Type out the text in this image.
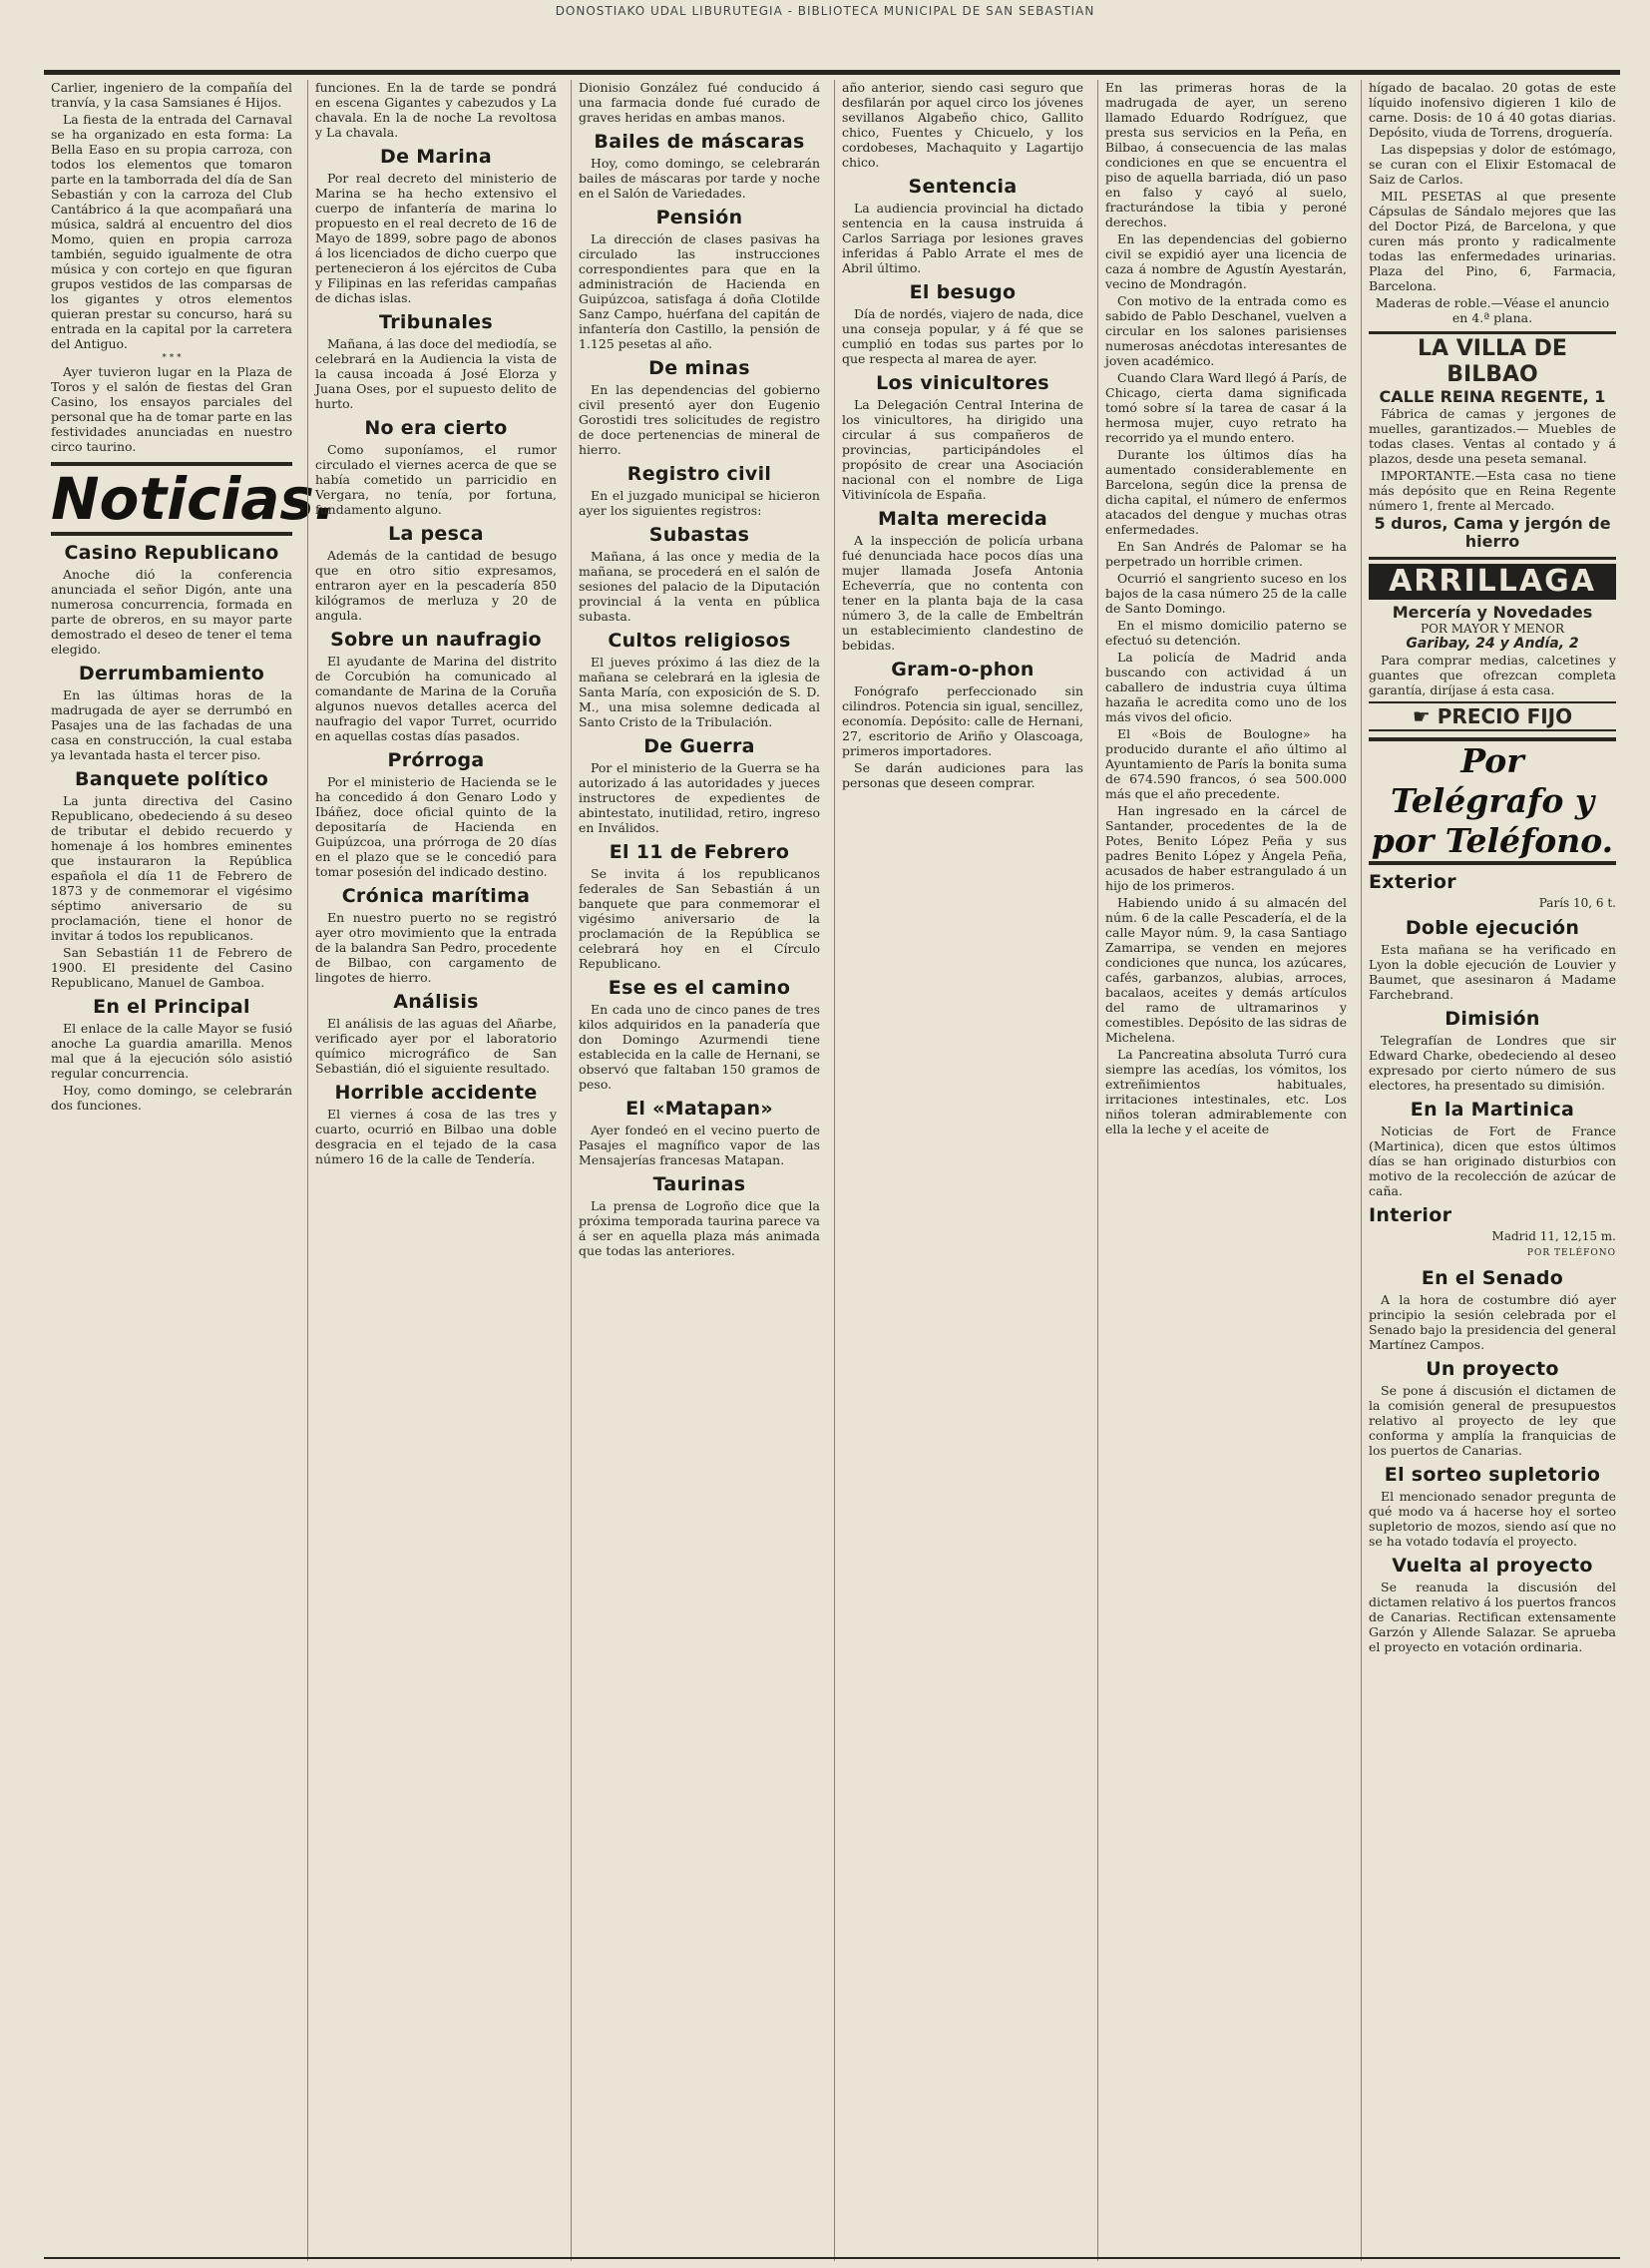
DONOSTIAKO UDAL LIBURUTEGIA - BIBLIOTECA MUNICIPAL DE SAN SEBASTIAN

Carlier, ingeniero de la compañía del tranvía, y la casa Samsianes é Hijos.

La fiesta de la entrada del Carnaval se ha organizado en esta forma: La Bella Easo en su propia carroza, con todos los elementos que tomaron parte en la tamborrada del día de San Sebastián y con la carroza del Club Cantábrico á la que acompañará una música, saldrá al encuentro del dios Momo, quien en propia carroza también, seguido igualmente de otra música y con cortejo en que figuran grupos vestidos de las comparsas de los gigantes y otros elementos quieran prestar su concurso, hará su entrada en la capital por la carretera del Antiguo.

* * *

Ayer tuvieron lugar en la Plaza de Toros y el salón de fiestas del Gran Casino, los ensayos parciales del personal que ha de tomar parte en las festividades anunciadas en nuestro circo taurino.

Noticias.
Casino Republicano

Anoche dió la conferencia anunciada el señor Digón, ante una numerosa concurrencia, formada en parte de obreros, en su mayor parte demostrado el deseo de tener el tema elegido.

Derrumbamiento

En las últimas horas de la madrugada de ayer se derrumbó en Pasajes una de las fachadas de una casa en construcción, la cual estaba ya levantada hasta el tercer piso.

Banquete político

La junta directiva del Casino Republicano, obedeciendo á su deseo de tributar el debido recuerdo y homenaje á los hombres eminentes que instauraron la República española el día 11 de Febrero de 1873 y de conmemorar el vigésimo séptimo aniversario de su proclamación, tiene el honor de invitar á todos los republicanos.

San Sebastián 11 de Febrero de 1900. El presidente del Casino Republicano, Manuel de Gamboa.

En el Principal

El enlace de la calle Mayor se fusió anoche La guardia amarilla. Menos mal que á la ejecución sólo asistió regular concurrencia.

Hoy, como domingo, se celebrarán dos funciones.

funciones. En la de tarde se pondrá en escena Gigantes y cabezudos y La chavala. En la de noche La revoltosa y La chavala.

De Marina

Por real decreto del ministerio de Marina se ha hecho extensivo el cuerpo de infantería de marina lo propuesto en el real decreto de 16 de Mayo de 1899, sobre pago de abonos á los licenciados de dicho cuerpo que pertenecieron á los ejércitos de Cuba y Filipinas en las referidas campañas de dichas islas.

Tribunales

Mañana, á las doce del mediodía, se celebrará en la Audiencia la vista de la causa incoada á José Elorza y Juana Oses, por el supuesto delito de hurto.

No era cierto

Como suponíamos, el rumor circulado el viernes acerca de que se había cometido un parricidio en Vergara, no tenía, por fortuna, fundamento alguno.

La pesca

Además de la cantidad de besugo que en otro sitio expresamos, entraron ayer en la pescadería 850 kilógramos de merluza y 20 de angula.

Sobre un naufragio

El ayudante de Marina del distrito de Corcubión ha comunicado al comandante de Marina de la Coruña algunos nuevos detalles acerca del naufragio del vapor Turret, ocurrido en aquellas costas días pasados.

Prórroga

Por el ministerio de Hacienda se le ha concedido á don Genaro Lodo y Ibáñez, doce oficial quinto de la depositaría de Hacienda en Guipúzcoa, una prórroga de 20 días en el plazo que se le concedió para tomar posesión del indicado destino.

Crónica marítima

En nuestro puerto no se registró ayer otro movimiento que la entrada de la balandra San Pedro, procedente de Bilbao, con cargamento de lingotes de hierro.

Análisis

El análisis de las aguas del Añarbe, verificado ayer por el laboratorio químico micrográfico de San Sebastián, dió el siguiente resultado.

Horrible accidente

El viernes á cosa de las tres y cuarto, ocurrió en Bilbao una doble desgracia en el tejado de la casa número 16 de la calle de Tendería.

Dionisio González fué conducido á una farmacia donde fué curado de graves heridas en ambas manos.

Bailes de máscaras

Hoy, como domingo, se celebrarán bailes de máscaras por tarde y noche en el Salón de Variedades.

Pensión

La dirección de clases pasivas ha circulado las instrucciones correspondientes para que en la administración de Hacienda en Guipúzcoa, satisfaga á doña Clotilde Sanz Campo, huérfana del capitán de infantería don Castillo, la pensión de 1.125 pesetas al año.

De minas

En las dependencias del gobierno civil presentó ayer don Eugenio Gorostidi tres solicitudes de registro de doce pertenencias de mineral de hierro.

Registro civil

En el juzgado municipal se hicieron ayer los siguientes registros:

Subastas

Mañana, á las once y media de la mañana, se procederá en el salón de sesiones del palacio de la Diputación provincial á la venta en pública subasta.

Cultos religiosos

El jueves próximo á las diez de la mañana se celebrará en la iglesia de Santa María, con exposición de S. D. M., una misa solemne dedicada al Santo Cristo de la Tribulación.

De Guerra

Por el ministerio de la Guerra se ha autorizado á las autoridades y jueces instructores de expedientes de abintestato, inutilidad, retiro, ingreso en Inválidos.

El 11 de Febrero

Se invita á los republicanos federales de San Sebastián á un banquete que para conmemorar el vigésimo aniversario de la proclamación de la República se celebrará hoy en el Círculo Republicano.

Ese es el camino

En cada uno de cinco panes de tres kilos adquiridos en la panadería que don Domingo Azurmendi tiene establecida en la calle de Hernani, se observó que faltaban 150 gramos de peso.

El «Matapan»

Ayer fondeó en el vecino puerto de Pasajes el magnífico vapor de las Mensajerías francesas Matapan.

Taurinas

La prensa de Logroño dice que la próxima temporada taurina parece va á ser en aquella plaza más animada que todas las anteriores.

año anterior, siendo casi seguro que desfilarán por aquel circo los jóvenes sevillanos Algabeño chico, Gallito chico, Fuentes y Chicuelo, y los cordobeses, Machaquito y Lagartijo chico.

Sentencia

La audiencia provincial ha dictado sentencia en la causa instruida á Carlos Sarriaga por lesiones graves inferidas á Pablo Arrate el mes de Abril último.

El besugo

Día de nordés, viajero de nada, dice una conseja popular, y á fé que se cumplió en todas sus partes por lo que respecta al marea de ayer.

Los vinicultores

La Delegación Central Interina de los vinicultores, ha dirigido una circular á sus compañeros de provincias, participándoles el propósito de crear una Asociación nacional con el nombre de Liga Vitivinícola de España.

Malta merecida

A la inspección de policía urbana fué denunciada hace pocos días una mujer llamada Josefa Antonia Echeverría, que no contenta con tener en la planta baja de la casa número 3, de la calle de Embeltrán un establecimiento clandestino de bebidas.

Gram-o-phon

Fonógrafo perfeccionado sin cilindros. Potencia sin igual, sencillez, economía. Depósito: calle de Hernani, 27, escritorio de Ariño y Olascoaga, primeros importadores.

Se darán audiciones para las personas que deseen comprar.

En las primeras horas de la madrugada de ayer, un sereno llamado Eduardo Rodríguez, que presta sus servicios en la Peña, en Bilbao, á consecuencia de las malas condiciones en que se encuentra el piso de aquella barriada, dió un paso en falso y cayó al suelo, fracturándose la tibia y peroné derechos.

En las dependencias del gobierno civil se expidió ayer una licencia de caza á nombre de Agustín Ayestarán, vecino de Mondragón.

Con motivo de la entrada como es sabido de Pablo Deschanel, vuelven a circular en los salones parisienses numerosas anécdotas interesantes de joven académico.

Cuando Clara Ward llegó á París, de Chicago, cierta dama significada tomó sobre sí la tarea de casar á la hermosa mujer, cuyo retrato ha recorrido ya el mundo entero.

Durante los últimos días ha aumentado considerablemente en Barcelona, según dice la prensa de dicha capital, el número de enfermos atacados del dengue y muchas otras enfermedades.

En San Andrés de Palomar se ha perpetrado un horrible crimen.

Ocurrió el sangriento suceso en los bajos de la casa número 25 de la calle de Santo Domingo.

En el mismo domicilio paterno se efectuó su detención.

La policía de Madrid anda buscando con actividad á un caballero de industria cuya última hazaña le acredita como uno de los más vivos del oficio.

El «Bois de Boulogne» ha producido durante el año último al Ayuntamiento de París la bonita suma de 674.590 francos, ó sea 500.000 más que el año precedente.

Han ingresado en la cárcel de Santander, procedentes de la de Potes, Benito López Peña y sus padres Benito López y Ángela Peña, acusados de haber estrangulado á un hijo de los primeros.

Habiendo unido á su almacén del núm. 6 de la calle Pescadería, el de la calle Mayor núm. 9, la casa Santiago Zamarripa, se venden en mejores condiciones que nunca, los azúcares, cafés, garbanzos, alubias, arroces, bacalaos, aceites y demás artículos del ramo de ultramarinos y comestibles. Depósito de las sidras de Michelena.

La Pancreatina absoluta Turró cura siempre las acedías, los vómitos, los extreñimientos habituales, irritaciones intestinales, etc. Los niños toleran admirablemente con ella la leche y el aceite de

hígado de bacalao. 20 gotas de este líquido inofensivo digieren 1 kilo de carne. Dosis: de 10 á 40 gotas diarias. Depósito, viuda de Torrens, droguería.

Las dispepsias y dolor de estómago, se curan con el Elixir Estomacal de Saiz de Carlos.

MIL PESETAS al que presente Cápsulas de Sándalo mejores que las del Doctor Pizá, de Barcelona, y que curen más pronto y radicalmente todas las enfermedades urinarias. Plaza del Pino, 6, Farmacia, Barcelona.

Maderas de roble.—Véase el anuncio en 4.ª plana.

LA VILLA DE BILBAO
CALLE REINA REGENTE, 1

Fábrica de camas y jergones de muelles, garantizados.— Muebles de todas clases. Ventas al contado y á plazos, desde una peseta semanal.

IMPORTANTE.—Esta casa no tiene más depósito que en Reina Regente número 1, frente al Mercado.

5 duros, Cama y jergón de hierro
ARRILLAGA
Mercería y Novedades
POR MAYOR Y MENOR
Garibay, 24 y Andía, 2

Para comprar medias, calcetines y guantes que ofrezcan completa garantía, diríjase á esta casa.

☛ PRECIO FIJO
Por Telégrafo y por Teléfono.
Exterior
París 10, 6 t.
Doble ejecución

Esta mañana se ha verificado en Lyon la doble ejecución de Louvier y Baumet, que asesinaron á Madame Farchebrand.

Dimisión

Telegrafían de Londres que sir Edward Charke, obedeciendo al deseo expresado por cierto número de sus electores, ha presentado su dimisión.

En la Martinica

Noticias de Fort de France (Martinica), dicen que estos últimos días se han originado disturbios con motivo de la recolección de azúcar de caña.

Interior
Madrid 11, 12,15 m.
POR TELÉFONO
En el Senado

A la hora de costumbre dió ayer principio la sesión celebrada por el Senado bajo la presidencia del general Martínez Campos.

Un proyecto

Se pone á discusión el dictamen de la comisión general de presupuestos relativo al proyecto de ley que conforma y amplía la franquicias de los puertos de Canarias.

El sorteo supletorio

El mencionado senador pregunta de qué modo va á hacerse hoy el sorteo supletorio de mozos, siendo así que no se ha votado todavía el proyecto.

Vuelta al proyecto

Se reanuda la discusión del dictamen relativo á los puertos francos de Canarias. Rectifican extensamente Garzón y Allende Salazar. Se aprueba el proyecto en votación ordinaria.
